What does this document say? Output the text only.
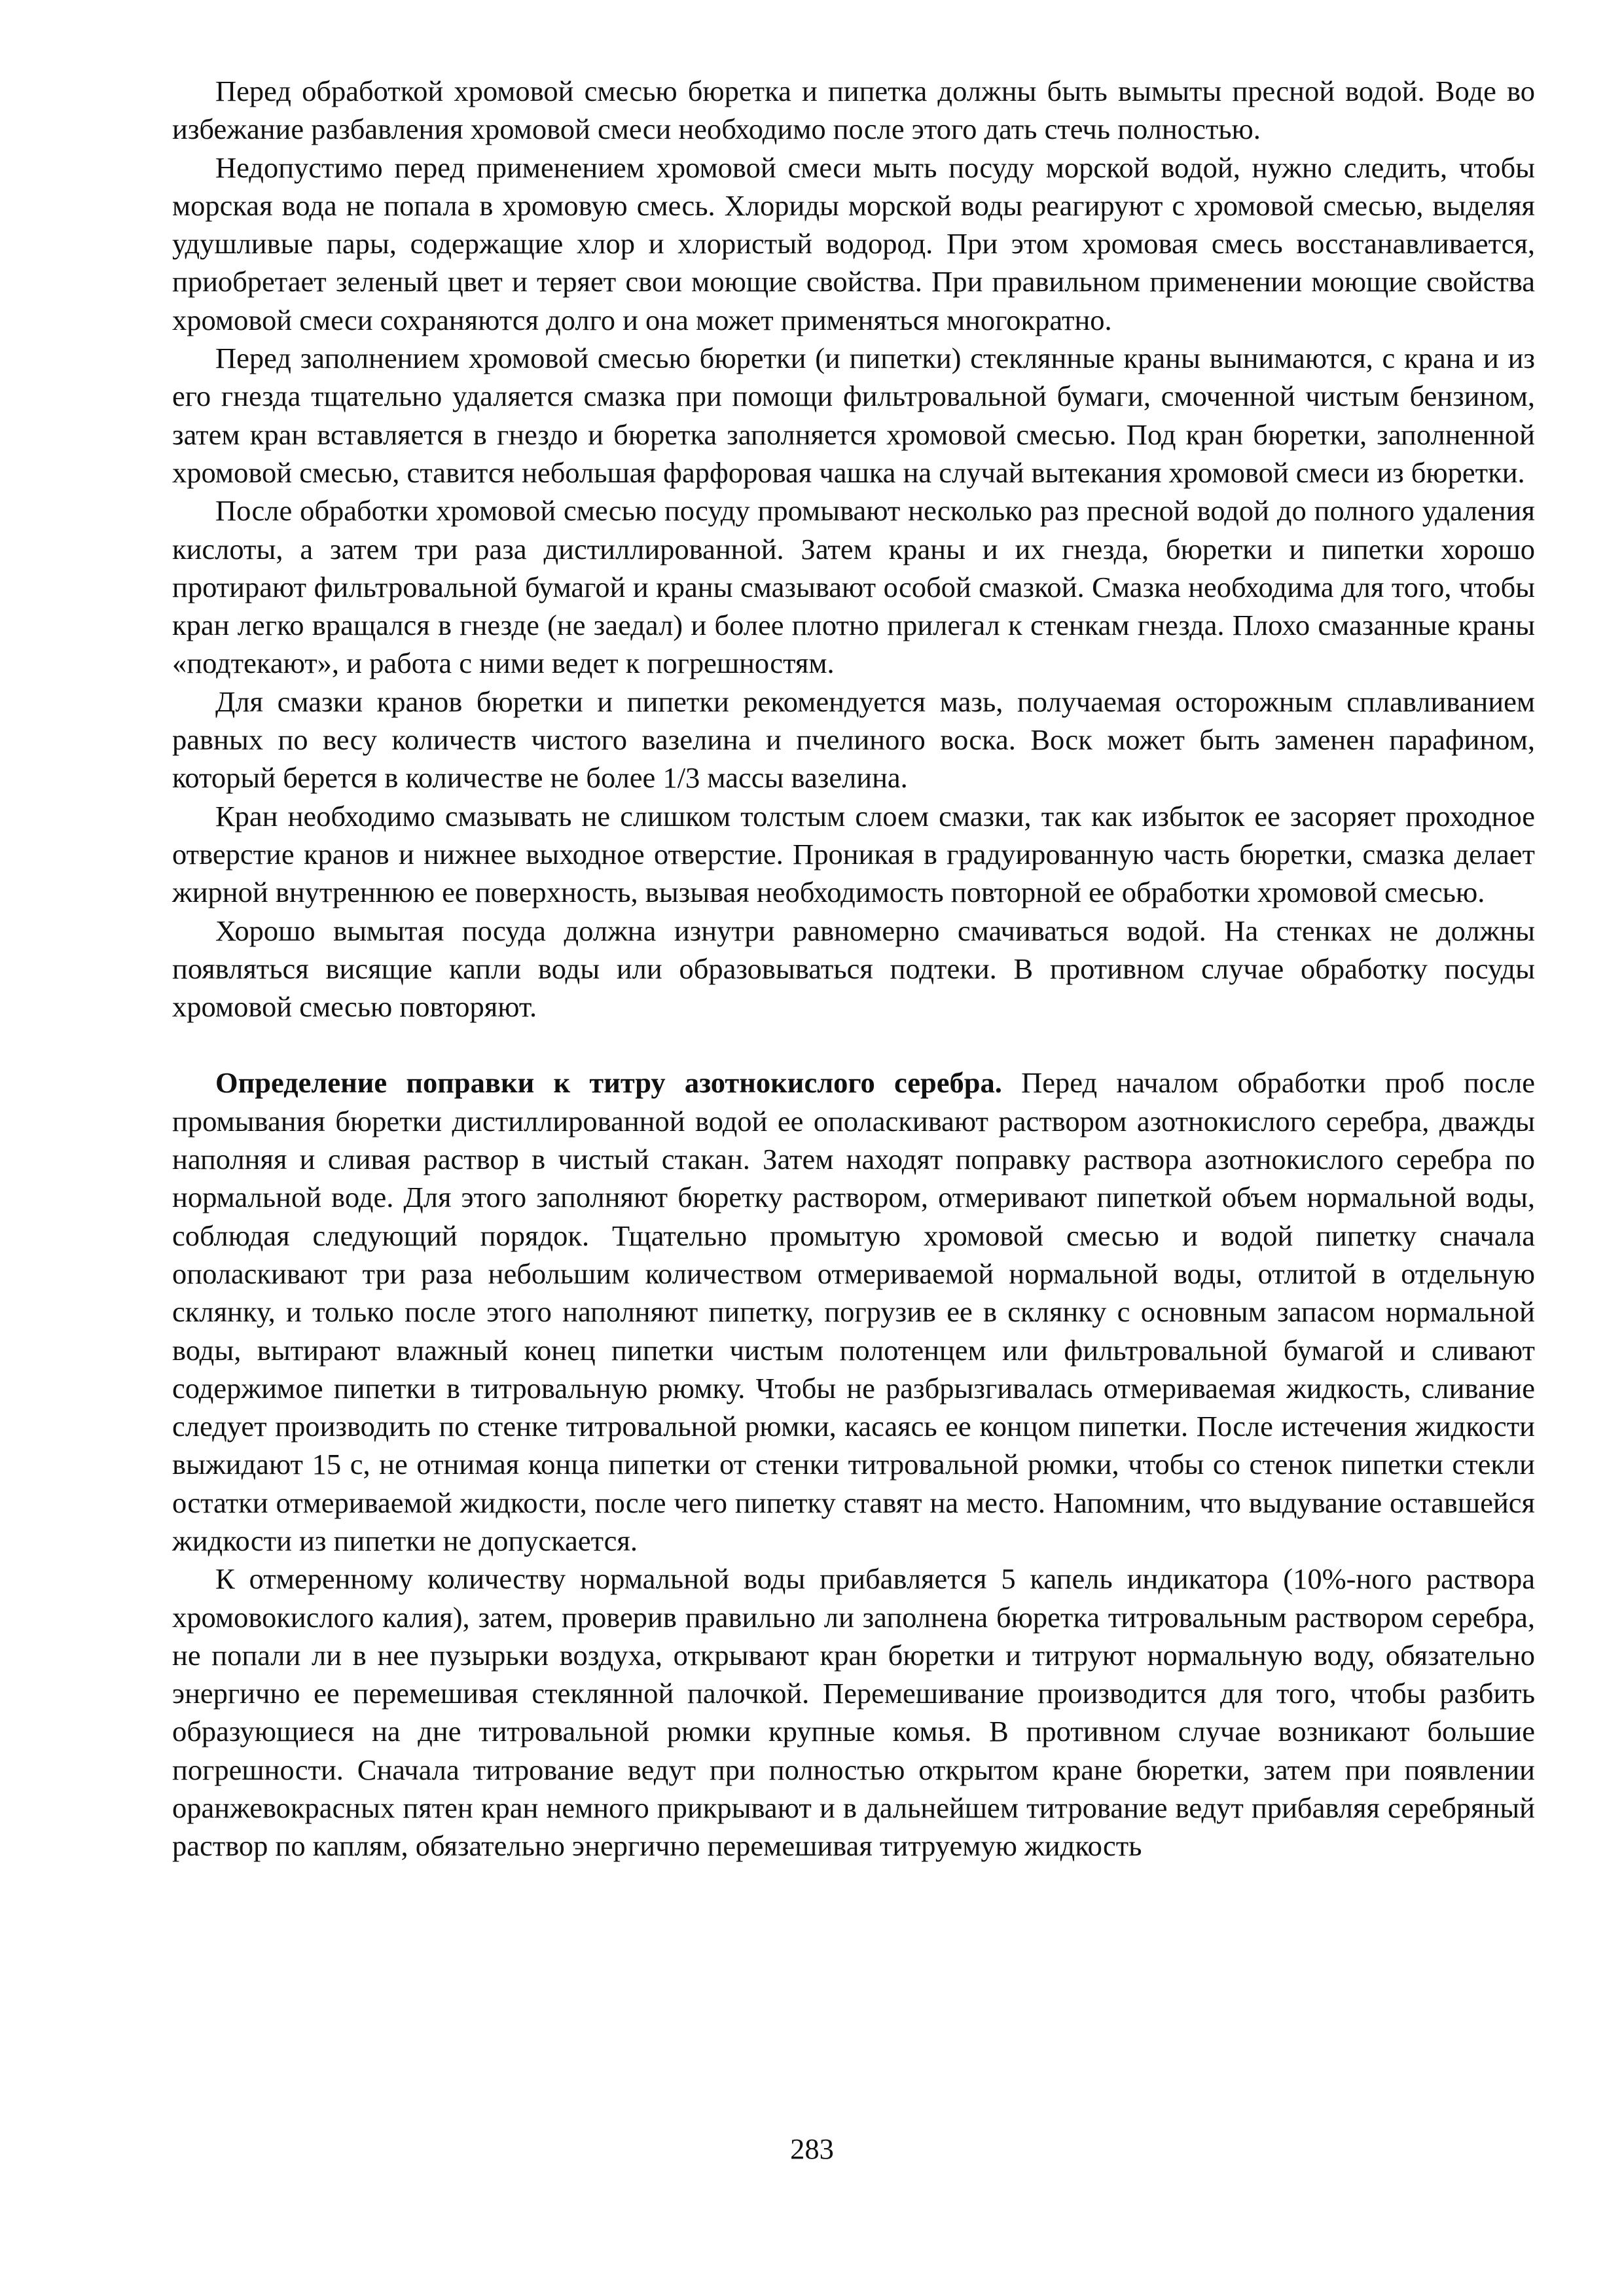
Перед обработкой хромовой смесью бюретка и пипетка должны быть вымыты пресной водой. Воде во избежание разбавления хромовой смеси необходимо после этого дать стечь полностью.

Недопустимо перед применением хромовой смеси мыть посуду морской водой, нужно следить, чтобы морская вода не попала в хромовую смесь. Хлориды морской воды реагируют с хромовой смесью, выделяя удушливые пары, содержащие хлор и хлористый водород. При этом хромовая смесь восстанавливается, приобретает зеленый цвет и теряет свои моющие свойства. При правильном применении моющие свойства хромовой смеси сохраняются долго и она может применяться многократно.

Перед заполнением хромовой смесью бюретки (и пипетки) стеклянные краны вынимаются, с крана и из его гнезда тщательно удаляется смазка при помощи фильтровальной бумаги, смоченной чистым бензином, затем кран вставляется в гнездо и бюретка заполняется хромовой смесью. Под кран бюретки, заполненной хромовой смесью, ставится небольшая фарфоровая чашка на случай вытекания хромовой смеси из бюретки.

После обработки хромовой смесью посуду промывают несколько раз пресной водой до полного удаления кислоты, а затем три раза дистиллированной. Затем краны и их гнезда, бюретки и пипетки хорошо протирают фильтровальной бумагой и краны смазывают особой смазкой. Смазка необходима для того, чтобы кран легко вращался в гнезде (не заедал) и более плотно прилегал к стенкам гнезда. Плохо смазанные краны «подтекают», и работа с ними ведет к погрешностям.

Для смазки кранов бюретки и пипетки рекомендуется мазь, получаемая осторожным сплавливанием равных по весу количеств чистого вазелина и пчелиного воска. Воск может быть заменен парафином, который берется в количестве не более 1/3 массы вазелина.

Кран необходимо смазывать не слишком толстым слоем смазки, так как избыток ее засоряет проходное отверстие кранов и нижнее выходное отверстие. Проникая в градуированную часть бюретки, смазка делает жирной внутреннюю ее поверхность, вызывая необходимость повторной ее обработки хромовой смесью.

Хорошо вымытая посуда должна изнутри равномерно смачиваться водой. На стенках не должны появляться висящие капли воды или образовываться подтеки. В противном случае обработку посуды хромовой смесью повторяют.

Определение поправки к титру азотнокислого серебра. Перед началом обработки проб после промывания бюретки дистиллированной водой ее ополаскивают раствором азотнокислого серебра, дважды наполняя и сливая раствор в чистый стакан. Затем находят поправку раствора азотнокислого серебра по нормальной воде. Для этого заполняют бюретку раствором, отмеривают пипеткой объем нормальной воды, соблюдая следующий порядок. Тщательно промытую хромовой смесью и водой пипетку сначала ополаскивают три раза небольшим количеством отмериваемой нормальной воды, отлитой в отдельную склянку, и только после этого наполняют пипетку, погрузив ее в склянку с основным запасом нормальной воды, вытирают влажный конец пипетки чистым полотенцем или фильтровальной бумагой и сливают содержимое пипетки в титровальную рюмку. Чтобы не разбрызгивалась отмериваемая жидкость, сливание следует производить по стенке титровальной рюмки, касаясь ее концом пипетки. После истечения жидкости выжидают 15 с, не отнимая конца пипетки от стенки титровальной рюмки, чтобы со стенок пипетки стекли остатки отмериваемой жидкости, после чего пипетку ставят на место. Напомним, что выдувание оставшейся жидкости из пипетки не допускается.

К отмеренному количеству нормальной воды прибавляется 5 капель индикатора (10%-ного раствора хромовокислого калия), затем, проверив правильно ли заполнена бюретка титровальным раствором серебра, не попали ли в нее пузырьки воздуха, открывают кран бюретки и титруют нормальную воду, обязательно энергично ее перемешивая стеклянной палочкой. Перемешивание производится для того, чтобы разбить образующиеся на дне титровальной рюмки крупные комья. В противном случае возникают большие погрешности. Сначала титрование ведут при полностью открытом кране бюретки, затем при появлении оранжевокрасных пятен кран немного прикрывают и в дальнейшем титрование ведут прибавляя серебряный раствор по каплям, обязательно энергично перемешивая титруемую жидкость

283
